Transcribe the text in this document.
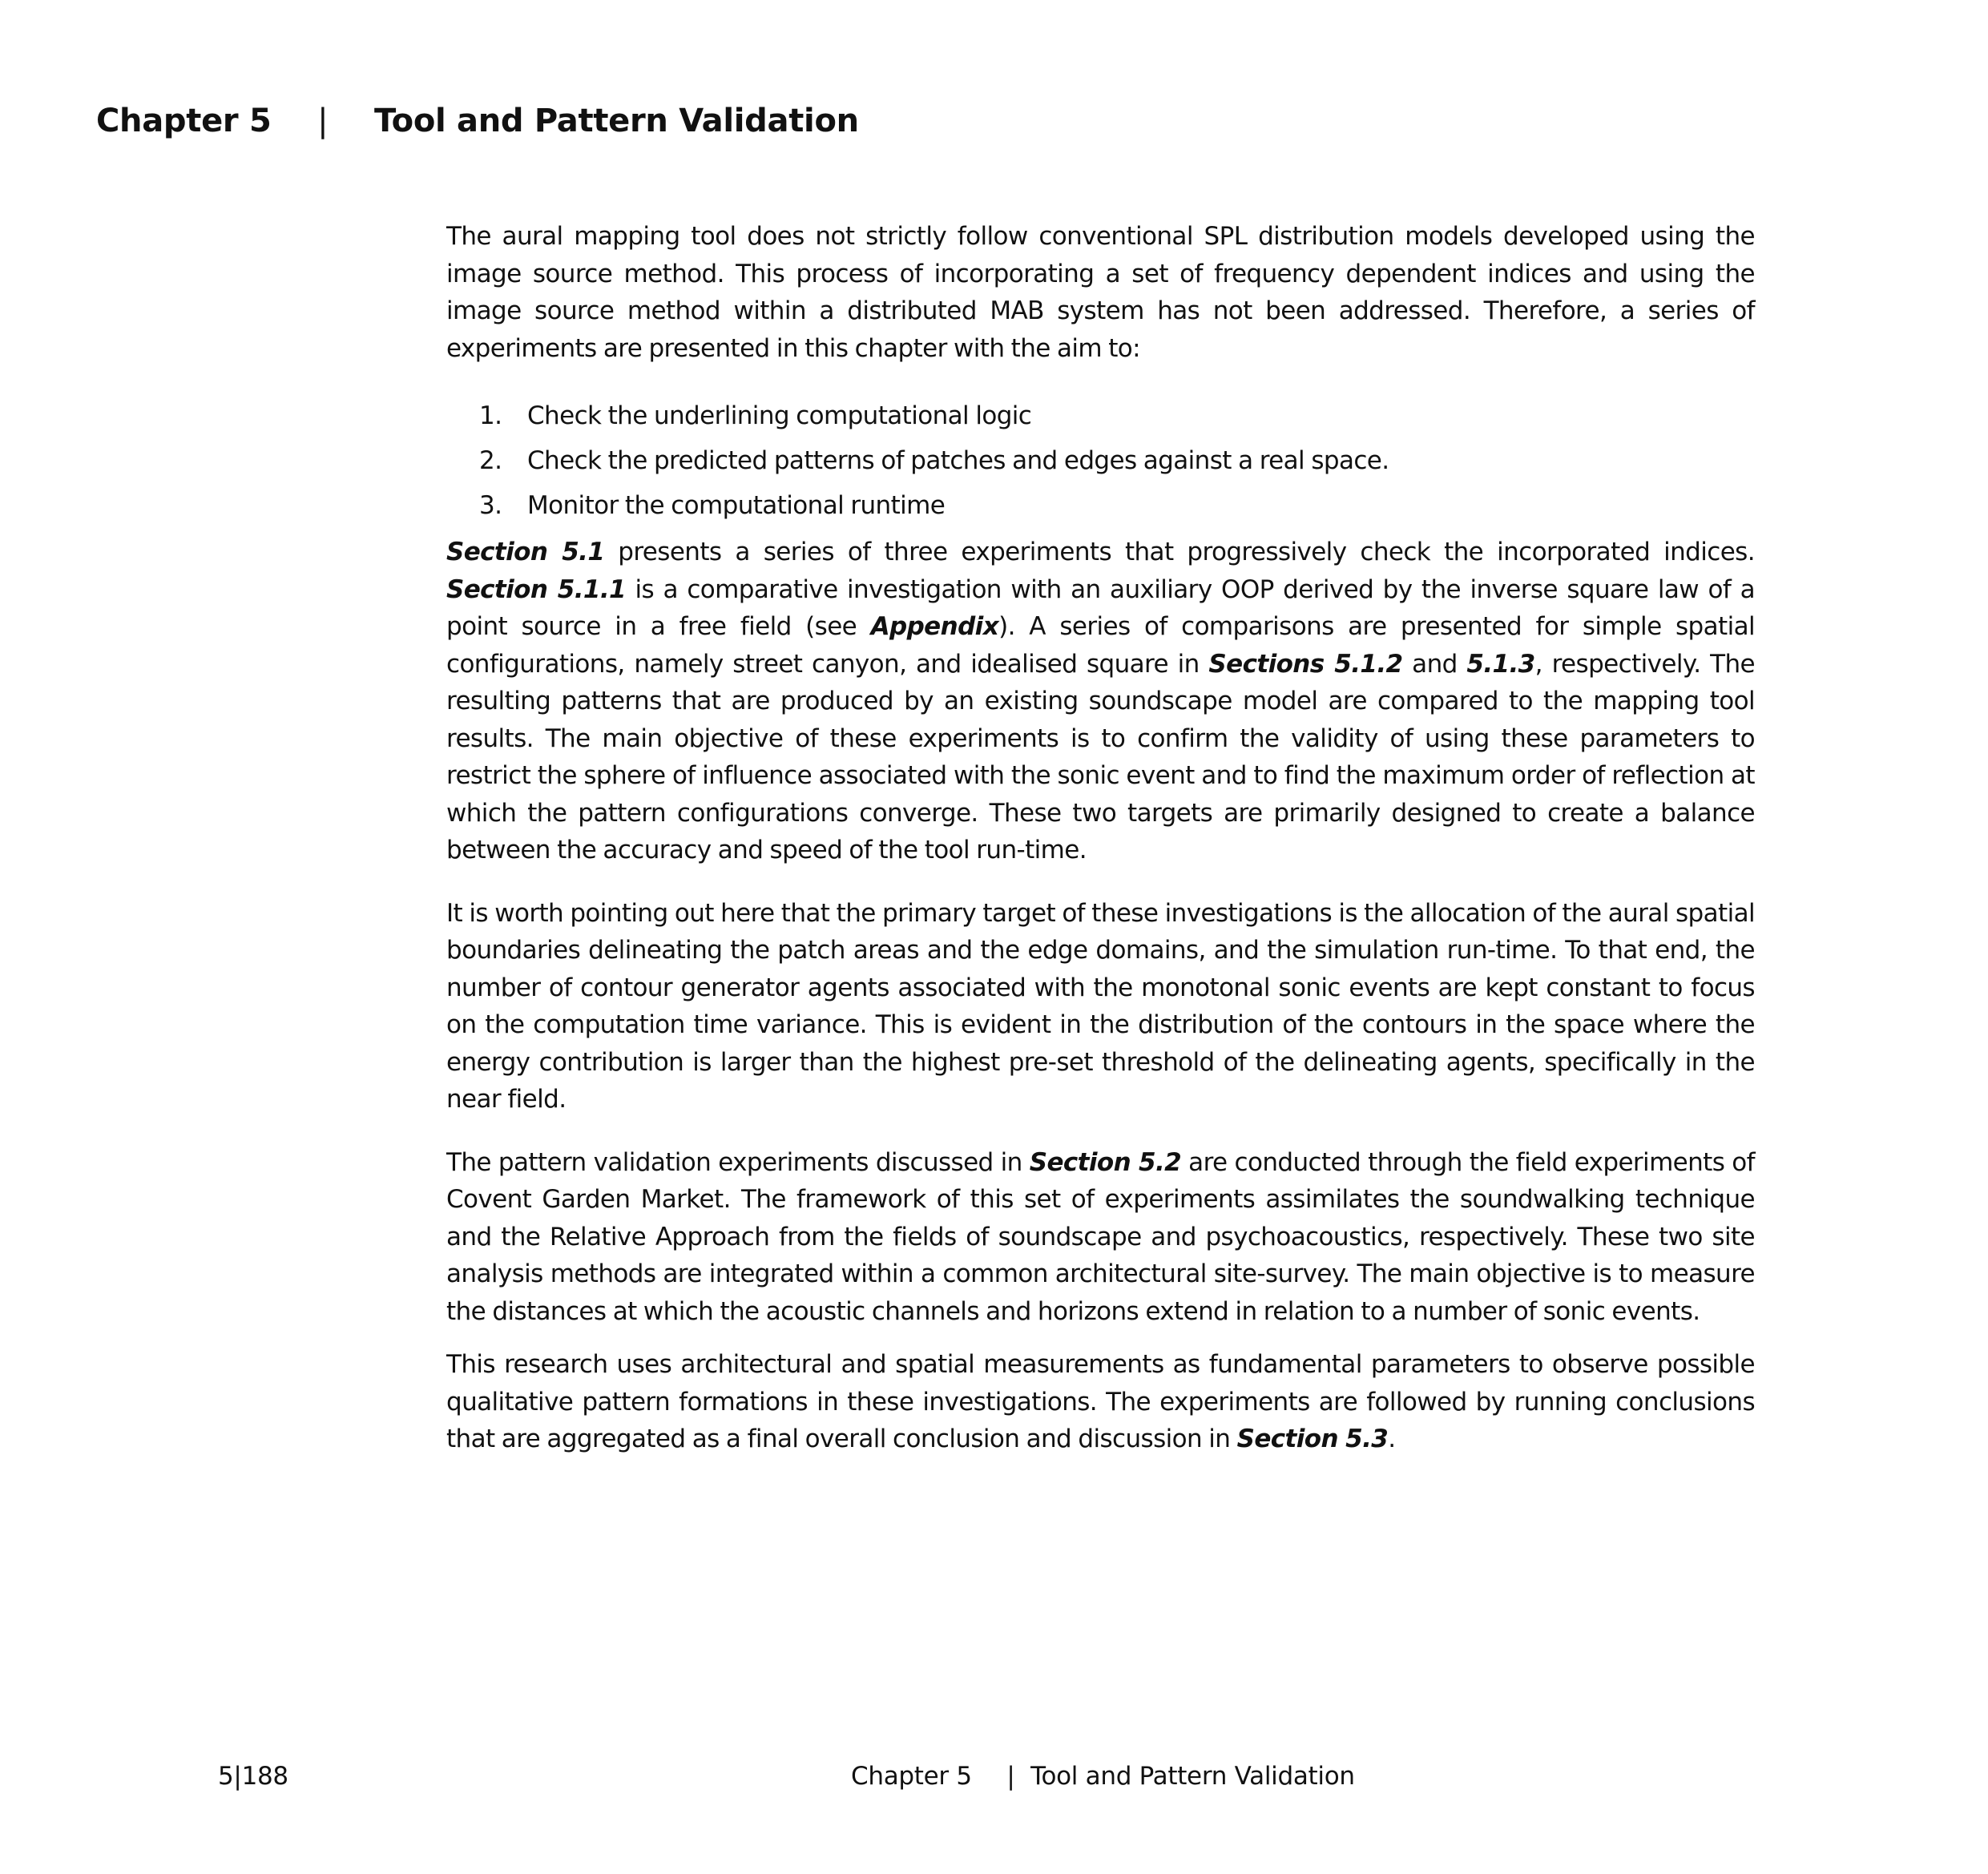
Chapter 5 | Tool and Pattern Validation

The aural mapping tool does not strictly follow conventional SPL distribution models developed using the image source method. This process of incorporating a set of frequency dependent indices and using the image source method within a distributed MAB system has not been addressed. Therefore, a series of experiments are presented in this chapter with the aim to:

1.	Check the underlining computational logic
2.	Check the predicted patterns of patches and edges against a real space.
3.	Monitor the computational runtime

Section 5.1 presents a series of three experiments that progressively check the incorporated indices. Section 5.1.1 is a comparative investigation with an auxiliary OOP derived by the inverse square law of a point source in a free field (see Appendix). A series of comparisons are presented for simple spatial configurations, namely street canyon, and idealised square in Sections 5.1.2 and 5.1.3, respectively. The resulting patterns that are produced by an existing soundscape model are compared to the mapping tool results. The main objective of these experiments is to confirm the validity of using these parameters to restrict the sphere of influence associated with the sonic event and to find the maximum order of reflection at which the pattern configurations converge. These two targets are primarily designed to create a balance between the accuracy and speed of the tool run-time.

It is worth pointing out here that the primary target of these investigations is the allocation of the aural spatial boundaries delineating the patch areas and the edge domains, and the simulation run-time. To that end, the number of contour generator agents associated with the monotonal sonic events are kept constant to focus on the computation time variance. This is evident in the distribution of the contours in the space where the energy contribution is larger than the highest pre-set threshold of the delineating agents, specifically in the near field.

The pattern validation experiments discussed in Section 5.2 are conducted through the field experiments of Covent Garden Market. The framework of this set of experiments assimilates the soundwalking technique and the Relative Approach from the fields of soundscape and psychoacoustics, respectively. These two site analysis methods are integrated within a common architectural site-survey. The main objective is to measure the distances at which the acoustic channels and horizons extend in relation to a number of sonic events.

This research uses architectural and spatial measurements as fundamental parameters to observe possible qualitative pattern formations in these investigations. The experiments are followed by running conclusions that are aggregated as a final overall conclusion and discussion in Section 5.3.

5|188	Chapter 5 | Tool and Pattern Validation
